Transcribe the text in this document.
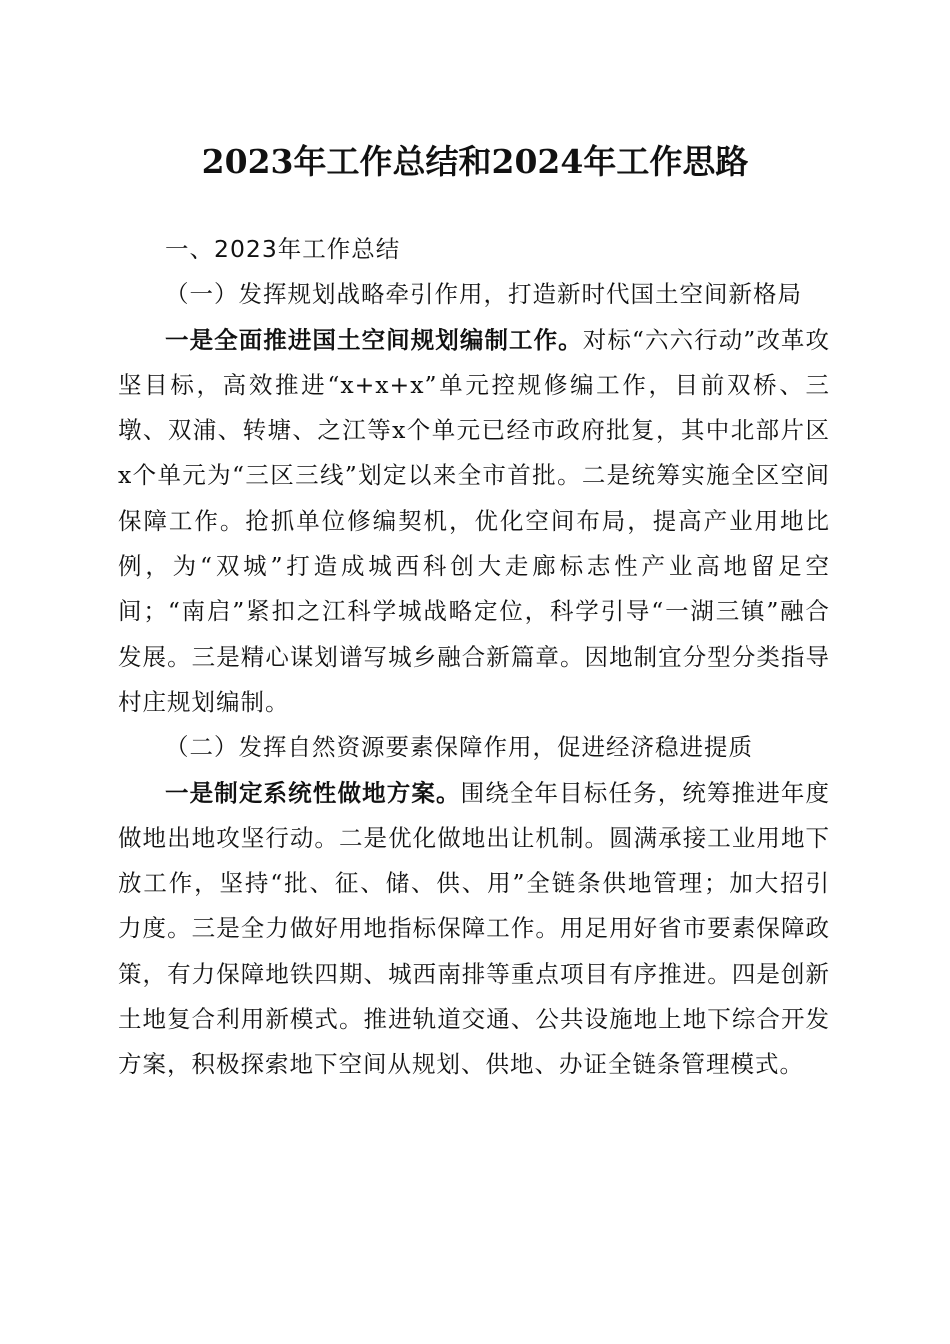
2023年工作总结和2024年工作思路

一、2023年工作总结

（一）发挥规划战略牵引作用，打造新时代国土空间新格局

一是全面推进国土空间规划编制工作。对标“六六行动”改革攻坚目标，高效推进“x+x+x”单元控规修编工作，目前双桥、三墩、双浦、转塘、之江等x个单元已经市政府批复，其中北部片区x个单元为“三区三线”划定以来全市首批。二是统筹实施全区空间保障工作。抢抓单位修编契机，优化空间布局，提高产业用地比例，为“双城”打造成城西科创大走廊标志性产业高地留足空间；“南启”紧扣之江科学城战略定位，科学引导“一湖三镇”融合发展。三是精心谋划谱写城乡融合新篇章。因地制宜分型分类指导村庄规划编制。

（二）发挥自然资源要素保障作用，促进经济稳进提质

一是制定系统性做地方案。围绕全年目标任务，统筹推进年度做地出地攻坚行动。二是优化做地出让机制。圆满承接工业用地下放工作，坚持“批、征、储、供、用”全链条供地管理；加大招引力度。三是全力做好用地指标保障工作。用足用好省市要素保障政策，有力保障地铁四期、城西南排等重点项目有序推进。四是创新土地复合利用新模式。推进轨道交通、公共设施地上地下综合开发方案，积极探索地下空间从规划、供地、办证全链条管理模式。
